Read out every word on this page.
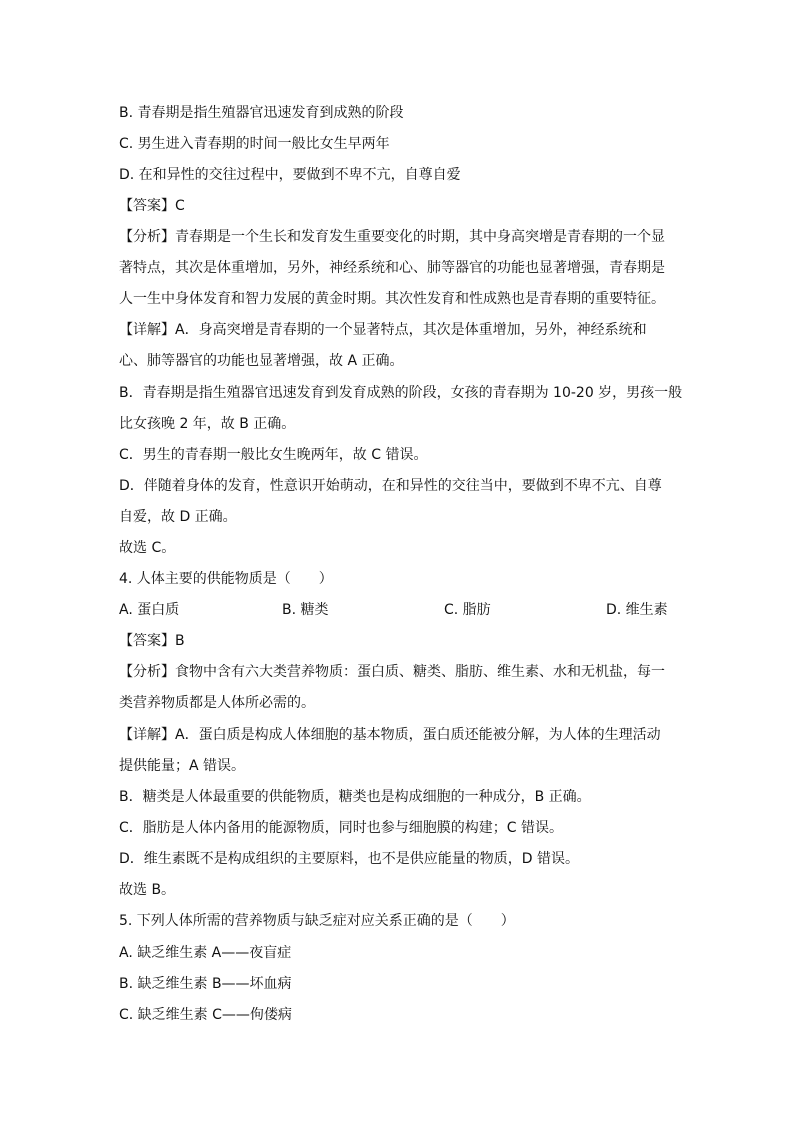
B. 青春期是指生殖器官迅速发育到成熟的阶段
C. 男生进入青春期的时间一般比女生早两年
D. 在和异性的交往过程中，要做到不卑不亢，自尊自爱
【答案】C
【分析】青春期是一个生长和发育发生重要变化的时期，其中身高突增是青春期的一个显
著特点，其次是体重增加，另外，神经系统和心、肺等器官的功能也显著增强，青春期是
人一生中身体发育和智力发展的黄金时期。其次性发育和性成熟也是青春期的重要特征。
【详解】A．身高突增是青春期的一个显著特点，其次是体重增加，另外，神经系统和
心、肺等器官的功能也显著增强，故 A 正确。
B．青春期是指生殖器官迅速发育到发育成熟的阶段，女孩的青春期为 10-20 岁，男孩一般
比女孩晚 2 年，故 B 正确。
C．男生的青春期一般比女生晚两年，故 C 错误。
D．伴随着身体的发育，性意识开始萌动，在和异性的交往当中，要做到不卑不亢、自尊
自爱，故 D 正确。
故选 C。
4. 人体主要的供能物质是（　　）
A. 蛋白质	B. 糖类	C. 脂肪	D. 维生素
【答案】B
【分析】食物中含有六大类营养物质：蛋白质、糖类、脂肪、维生素、水和无机盐，每一
类营养物质都是人体所必需的。
【详解】A．蛋白质是构成人体细胞的基本物质，蛋白质还能被分解，为人体的生理活动
提供能量；A 错误。
B．糖类是人体最重要的供能物质，糖类也是构成细胞的一种成分，B 正确。
C．脂肪是人体内备用的能源物质，同时也参与细胞膜的构建；C 错误。
D．维生素既不是构成组织的主要原料，也不是供应能量的物质，D 错误。
故选 B。
5. 下列人体所需的营养物质与缺乏症对应关系正确的是（　　）
A. 缺乏维生素 A——夜盲症
B. 缺乏维生素 B——坏血病
C. 缺乏维生素 C——佝偻病
